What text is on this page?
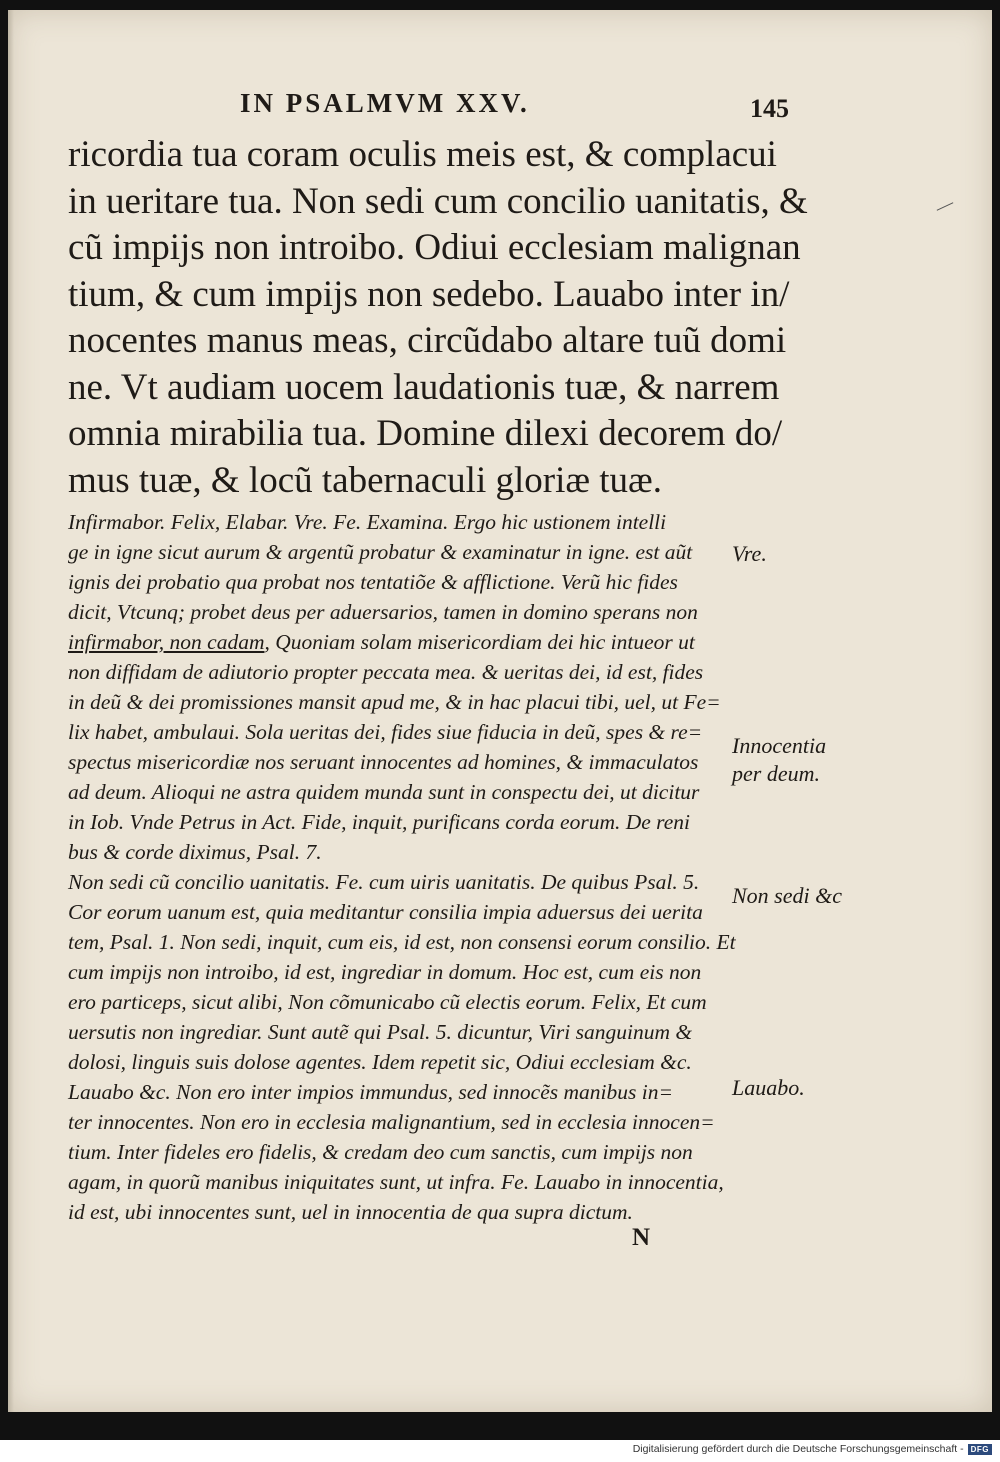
IN PSALMVM XXV.	145
ricordia tua coram oculis meis est, & complacui
in ueritare tua. Non sedi cum concilio uanitatis, &
cũ impijs non introibo. Odiui ecclesiam malignan
tium, & cum impijs non sedebo. Lauabo inter in/
nocentes manus meas, circũdabo altare tuũ domi
ne. Vt audiam uocem laudationis tuæ, & narrem
omnia mirabilia tua. Domine dilexi decorem do/
mus tuæ, & locũ tabernaculi gloriæ tuæ.
Infirmabor. Felix, Elabar. Vre. Fe. Examina. Ergo hic ustionem intelli
ge in igne sicut aurum & argentũ probatur & examinatur in igne. est aũt
ignis dei probatio qua probat nos tentatiõe & afflictione. Verũ hic fides
dicit, Vtcunq; probet deus per aduersarios, tamen in domino sperans non
infirmabor, non cadam, Quoniam solam misericordiam dei hic intueor ut
non diffidam de adiutorio propter peccata mea. & ueritas dei, id est, fides
in deũ & dei promissiones mansit apud me, & in hac placui tibi, uel, ut Fe=
lix habet, ambulaui. Sola ueritas dei, fides siue fiducia in deũ, spes & re=
spectus misericordiæ nos seruant innocentes ad homines, & immaculatos
ad deum. Alioqui ne astra quidem munda sunt in conspectu dei, ut dicitur
in Iob. Vnde Petrus in Act. Fide, inquit, purificans corda eorum. De reni
bus & corde diximus, Psal. 7.
Non sedi cũ concilio uanitatis. Fe. cum uiris uanitatis. De quibus Psal. 5.
Cor eorum uanum est, quia meditantur consilia impia aduersus dei uerita
tem, Psal. 1. Non sedi, inquit, cum eis, id est, non consensi eorum consilio. Et
cum impijs non introibo, id est, ingrediar in domum. Hoc est, cum eis non
ero particeps, sicut alibi, Non cõmunicabo cũ electis eorum. Felix, Et cum
uersutis non ingrediar. Sunt autẽ qui Psal. 5. dicuntur, Viri sanguinum &
dolosi, linguis suis dolose agentes. Idem repetit sic, Odiui ecclesiam &c.
Lauabo &c. Non ero inter impios immundus, sed innocẽs manibus in=
ter innocentes. Non ero in ecclesia malignantium, sed in ecclesia innocen=
tium. Inter fideles ero fidelis, & credam deo cum sanctis, cum impijs non
agam, in quorũ manibus iniquitates sunt, ut infra. Fe. Lauabo in innocentia,
id est, ubi innocentes sunt, uel in innocentia de qua supra dictum.
Vre.
Innocentia per deum.
Non sedi &c
Lauabo.
N
Digitalisierung gefördert durch die Deutsche Forschungsgemeinschaft - DFG
